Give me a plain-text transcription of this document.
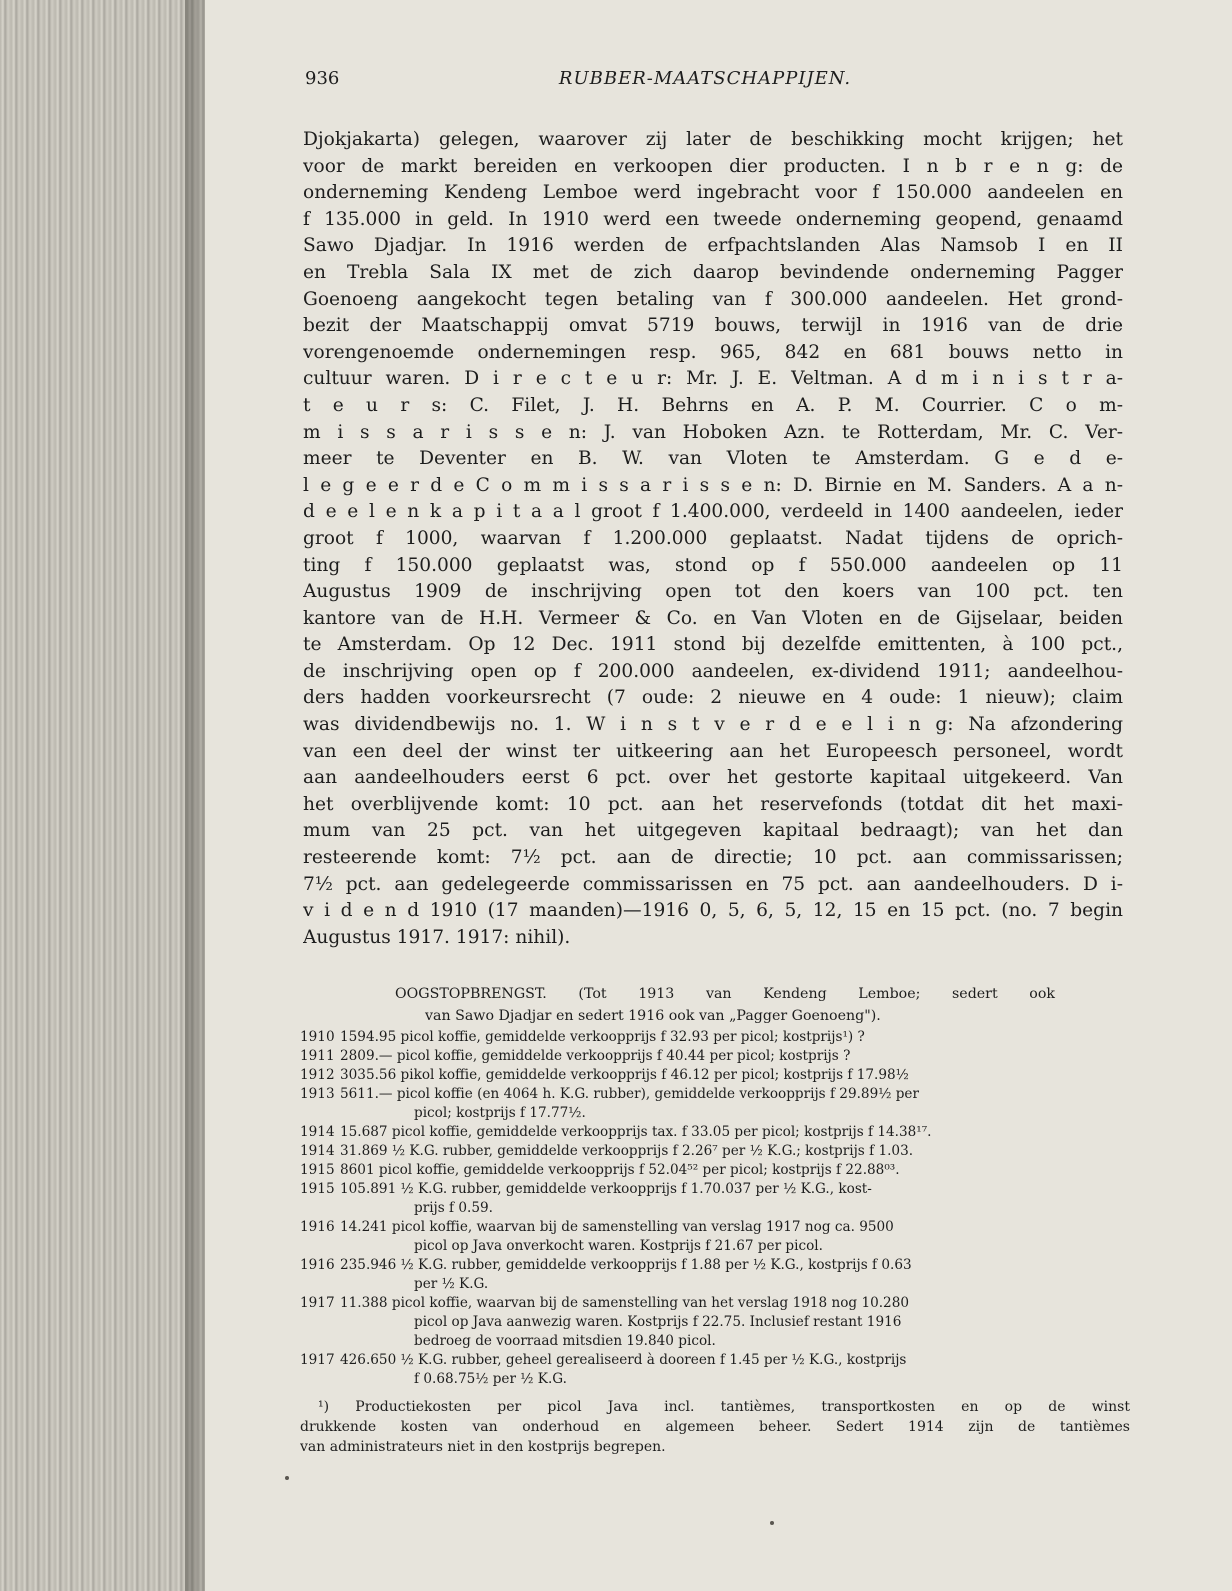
RUBBER-MAATSCHAPPIJEN.
936
Djokjakarta) gelegen, waarover zij later de beschikking mocht krijgen; het
voor de markt bereiden en verkoopen dier producten. I n b r e n g: de
onderneming Kendeng Lemboe werd ingebracht voor f 150.000 aandeelen en
f 135.000 in geld. In 1910 werd een tweede onderneming geopend, genaamd
Sawo Djadjar. In 1916 werden de erfpachtslanden Alas Namsob I en II
en Trebla Sala IX met de zich daarop bevindende onderneming Pagger
Goenoeng aangekocht tegen betaling van f 300.000 aandeelen. Het grond-
bezit der Maatschappij omvat 5719 bouws, terwijl in 1916 van de drie
vorengenoemde ondernemingen resp. 965, 842 en 681 bouws netto in
cultuur waren. D i r e c t e u r: Mr. J. E. Veltman. A d m i n i s t r a-
t e u r s: C. Filet, J. H. Behrns en A. P. M. Courrier. C o m-
m i s s a r i s s e n: J. van Hoboken Azn. te Rotterdam, Mr. C. Ver-
meer te Deventer en B. W. van Vloten te Amsterdam. G e d e-
l e g e e r d e C o m m i s s a r i s s e n: D. Birnie en M. Sanders. A a n-
d e e l e n k a p i t a a l groot f 1.400.000, verdeeld in 1400 aandeelen, ieder
groot f 1000, waarvan f 1.200.000 geplaatst. Nadat tijdens de oprich-
ting f 150.000 geplaatst was, stond op f 550.000 aandeelen op 11
Augustus 1909 de inschrijving open tot den koers van 100 pct. ten
kantore van de H.H. Vermeer & Co. en Van Vloten en de Gijselaar, beiden
te Amsterdam. Op 12 Dec. 1911 stond bij dezelfde emittenten, à 100 pct.,
de inschrijving open op f 200.000 aandeelen, ex-dividend 1911; aandeelhou-
ders hadden voorkeursrecht (7 oude: 2 nieuwe en 4 oude: 1 nieuw); claim
was dividendbewijs no. 1. W i n s t v e r d e e l i n g: Na afzondering
van een deel der winst ter uitkeering aan het Europeesch personeel, wordt
aan aandeelhouders eerst 6 pct. over het gestorte kapitaal uitgekeerd. Van
het overblijvende komt: 10 pct. aan het reservefonds (totdat dit het maxi-
mum van 25 pct. van het uitgegeven kapitaal bedraagt); van het dan
resteerende komt: 7½ pct. aan de directie; 10 pct. aan commissarissen;
7½ pct. aan gedelegeerde commissarissen en 75 pct. aan aandeelhouders. D i-
v i d e n d 1910 (17 maanden)—1916 0, 5, 6, 5, 12, 15 en 15 pct. (no. 7 begin
Augustus 1917. 1917: nihil).
OOGSTOPBRENGST. (Tot 1913 van Kendeng Lemboe; sedert ook
van Sawo Djadjar en sedert 1916 ook van „Pagger Goenoeng").
1910 1594.95 picol koffie, gemiddelde verkoopprijs f 32.93 per picol; kostprijs¹) ?
1911 2809.— picol koffie, gemiddelde verkoopprijs f 40.44 per picol; kostprijs ?
1912 3035.56 pikol koffie, gemiddelde verkoopprijs f 46.12 per picol; kostprijs f 17.98½
1913 5611.— picol koffie (en 4064 h. K.G. rubber), gemiddelde verkoopprijs f 29.89½ per
picol; kostprijs f 17.77½.
1914 15.687 picol koffie, gemiddelde verkoopprijs tax. f 33.05 per picol; kostprijs f 14.38¹⁷.
1914 31.869 ½ K.G. rubber, gemiddelde verkoopprijs f 2.26⁷ per ½ K.G.; kostprijs f 1.03.
1915 8601 picol koffie, gemiddelde verkoopprijs f 52.04⁵² per picol; kostprijs f 22.88⁰³.
1915 105.891 ½ K.G. rubber, gemiddelde verkoopprijs f 1.70.037 per ½ K.G., kost-
prijs f 0.59.
1916 14.241 picol koffie, waarvan bij de samenstelling van verslag 1917 nog ca. 9500
picol op Java onverkocht waren. Kostprijs f 21.67 per picol.
1916 235.946 ½ K.G. rubber, gemiddelde verkoopprijs f 1.88 per ½ K.G., kostprijs f 0.63
per ½ K.G.
1917 11.388 picol koffie, waarvan bij de samenstelling van het verslag 1918 nog 10.280
picol op Java aanwezig waren. Kostprijs f 22.75. Inclusief restant 1916
bedroeg de voorraad mitsdien 19.840 picol.
1917 426.650 ½ K.G. rubber, geheel gerealiseerd à dooreen f 1.45 per ½ K.G., kostprijs
f 0.68.75½ per ½ K.G.
¹) Productiekosten per picol Java incl. tantièmes, transportkosten en op de winst
drukkende kosten van onderhoud en algemeen beheer. Sedert 1914 zijn de tantièmes
van administrateurs niet in den kostprijs begrepen.
